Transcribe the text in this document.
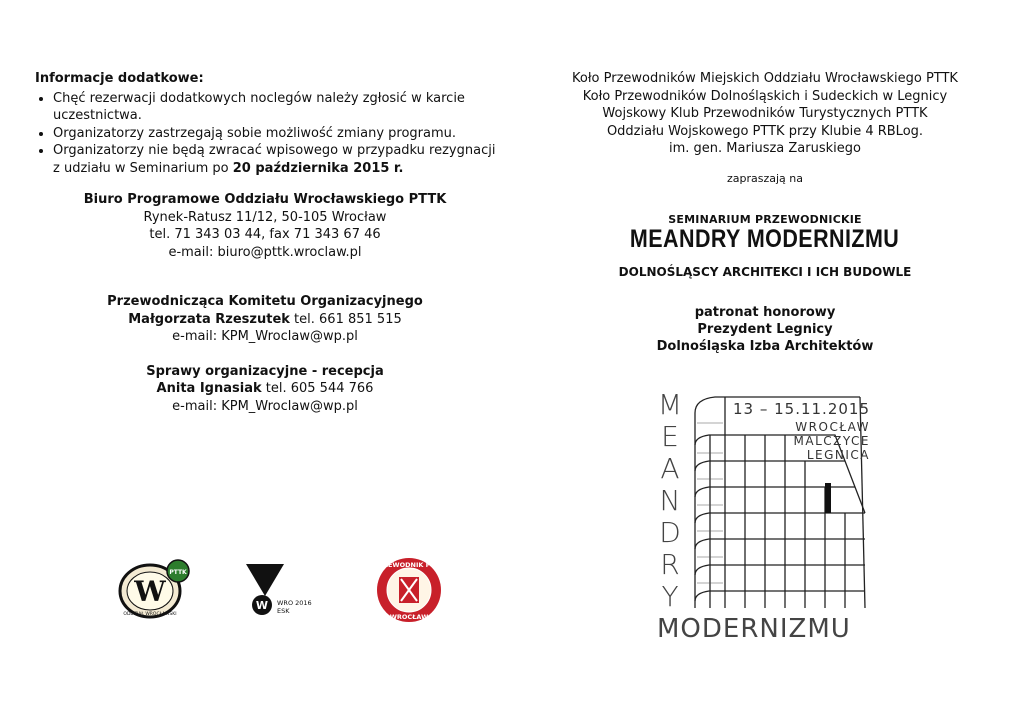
Informacje dodatkowe:
• Chęć rezerwacji dodatkowych noclegów należy zgłosić w karcie uczestnictwa.
• Organizatorzy zastrzegają sobie możliwość zmiany programu.
• Organizatorzy nie będą zwracać wpisowego w przypadku rezygnacji z udziału w Seminarium po 20 października 2015 r.
Biuro Programowe Oddziału Wrocławskiego PTTK
Rynek-Ratusz 11/12, 50-105 Wrocław
tel. 71 343 03 44, fax 71 343 67 46
e-mail: biuro@pttk.wroclaw.pl
Przewodnicząca Komitetu Organizacyjnego
Małgorzata Rzeszutek tel. 661 851 515
e-mail: KPM_Wroclaw@wp.pl
Sprawy organizacyjne - recepcja
Anita Ignasiak tel. 605 544 766
e-mail: KPM_Wroclaw@wp.pl
W
ODDZIAŁ WROCŁAWSKI
PTTK
W WRO 2016
ESK
PRZEWODNIK PTTK
WROCŁAW
Koło Przewodników Miejskich Oddziału Wrocławskiego PTTK
Koło Przewodników Dolnośląskich i Sudeckich w Legnicy
Wojskowy Klub Przewodników Turystycznych PTTK
Oddziału Wojskowego PTTK przy Klubie 4 RBLog.
im. gen. Mariusza Zaruskiego
zapraszają na
SEMINARIUM PRZEWODNICKIE
MEANDRY MODERNIZMU
DOLNOŚLĄSCY ARCHITEKCI I ICH BUDOWLE
patronat honorowy
Prezydent Legnicy
Dolnośląska Izba Architektów
M
E
A
N
D
R
Y
13 – 15.11.2015
WROCŁAW
MALCZYCE
LEGNICA
MODERNIZMU
